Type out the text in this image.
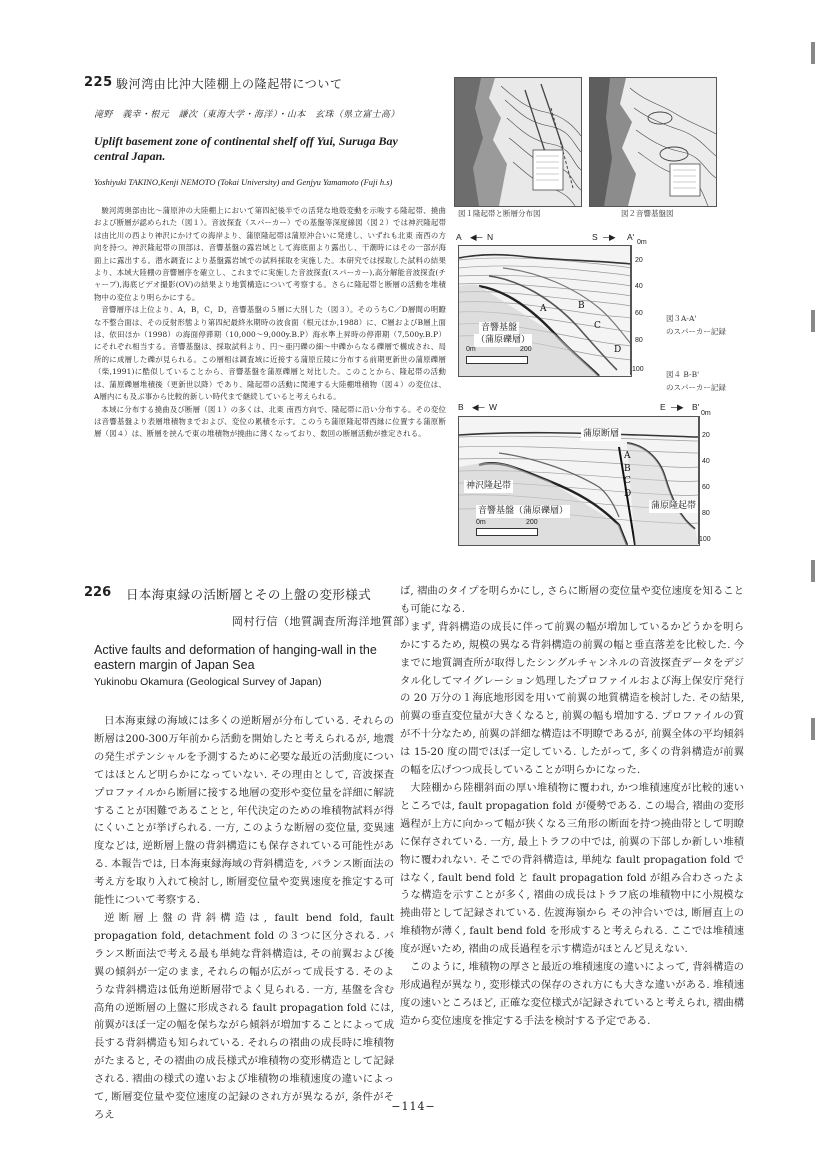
225 駿河湾由比沖大陸棚上の隆起帯について
滝野　義幸・根元　謙次（東海大学・海洋）・山本　玄珠（県立富士高）
Uplift basement zone of continental shelf off Yui, Suruga Bay central Japan.
Yoshiyuki TAKINO,Kenji NEMOTO (Tokai University) and Genjyu Yamamoto (Fuji h.s)

駿河湾奥部由比～蒲原沖の大陸棚上において第四紀後半での活発な地殻変動を示唆する隆起帯、撓曲および断層が認められた（図１）。音波探査（スパーカー）での基盤等深度線図（図２）では神沢隆起帯は由比川の西より神沢にかけての海岸より、蒲原隆起帯は蒲原沖合いに発達し、いずれも北東 南西の方向を持つ。神沢隆起帯の頂部は、音響基盤の露岩域として海底面より露出し、干潮時にはその一部が海面上に露出する。潜水調査により基盤露岩域での試料採取を実施した。本研究では採取した試料の結果より、本域大陸棚の音響層序を確立し、これまでに実施した音波探査(スパーカー),高分解能音波探査(チャープ),海底ビデオ撮影(OV)の結果より地質構造について考察する。さらに隆起帯と断層の活動を堆積物中の変位より明らかにする。

音響層序は上位より、A，B，C，D，音響基盤の５層に大別した（図３）。そのうちC／D層間の明瞭な不整合面は、その反射形態より第四紀最終氷期時の波食面（根元ほか,1988）に、C層およびB層上面は、依田ほか（1998）の海面停滞期（10,000～9,000y.B.P）海水準上昇時の停滞期（7,500y.B.P）にそれぞれ相当する。音響基盤は、採取試料より、円～亜円礫の細～中礫からなる礫層で構成され、局所的に成層した礫が見られる。この層相は調査域に近接する蒲原丘陵に分布する前期更新世の蒲原礫層（柴,1991)に酷似していることから、音響基盤を蒲原礫層と対比した。このことから、隆起帯の活動は、蒲原礫層堆積後（更新世以降）であり、隆起帯の活動に関連する大陸棚堆積物（図４）の変位は、A層内にも及ぶ事から比較的新しい時代まで継続していると考えられる。

本域に分布する撓曲及び断層（図１）の多くは、北東 南西方向で、隆起帯に沿い分布する。その変位は音響基盤より表層堆積物までおよび、変位の累積を示す。このうち蒲原隆起帯西縁に位置する蒲原断層（図４）は、断層を挟んで東の堆積物が撓曲に薄くなっており、数回の断層活動が推定される。

図１隆起帯と断層分布図	図２音響基盤図
A ◀─ N	S ─▶ A'
0m
音響基盤
（蒲原礫層）
A	B
C
D
0m	200
20
40
60
80
100
図３A-A'
のスパーカー記録
B ◀─ W	E ─▶ B'
0m
蒲原断層
神沢隆起帯
蒲原隆起帯
音響基盤（蒲原礫層）
A
B
C
D
0m	200
20
40
60
80
100
図４ B-B'
のスパーカー記録
226 日本海東縁の活断層とその上盤の変形様式
岡村行信（地質調査所海洋地質部）
Active faults and deformation of hanging-wall in the eastern margin of Japan Sea
Yukinobu Okamura (Geological Survey of Japan)

日本海東縁の海域には多くの逆断層が分布している. それらの断層は200-300万年前から活動を開始したと考えられるが, 地震の発生ポテンシャルを予測するために必要な最近の活動度についてはほとんど明らかになっていない. その理由として, 音波探査プロファイルから断層に接する地層の変形や変位量を詳細に解読することが困難であることと, 年代決定のための堆積物試料が得にくいことが挙げられる. 一方, このような断層の変位量, 変異速度などは, 逆断層上盤の背斜構造にも保存されている可能性がある. 本報告では, 日本海東縁海域の背斜構造を, バランス断面法の考え方を取り入れて検討し, 断層変位量や変異速度を推定する可能性について考察する.

逆断層上盤の背斜構造は, fault bend fold, fault propagation fold, detachment fold の３つに区分される. バランス断面法で考える最も単純な背斜構造は, その前翼および後翼の傾斜が一定のまま, それらの幅が広がって成長する. そのような背斜構造は低角逆断層帯でよく見られる. 一方, 基盤を含む高角の逆断層の上盤に形成される fault propagation fold には, 前翼がほぼ一定の幅を保ちながら傾斜が増加することによって成長する背斜構造も知られている. それらの褶曲の成長時に堆積物がたまると, その褶曲の成長様式が堆積物の変形構造として記録される. 褶曲の様式の違いおよび堆積物の堆積速度の違いによって, 断層変位量や変位速度の記録のされ方が異なるが, 条件がそろえ

ば, 褶曲のタイプを明らかにし, さらに断層の変位量や変位速度を知ることも可能になる.

まず, 背斜構造の成長に伴って前翼の幅が増加しているかどうかを明らかにするため, 規模の異なる背斜構造の前翼の幅と垂直落差を比較した. 今までに地質調査所が取得したシングルチャンネルの音波探査データをデジタル化してマイグレーション処理したプロファイルおよび海上保安庁発行の 20 万分の１海底地形図を用いて前翼の地質構造を検討した. その結果, 前翼の垂直変位量が大きくなると, 前翼の幅も増加する. プロファイルの質が不十分なため, 前翼の詳細な構造は不明瞭であるが, 前翼全体の平均傾斜は 15-20 度の間でほぼ一定している. したがって, 多くの背斜構造が前翼の幅を広げつつ成長していることが明らかになった.

大陸棚から陸棚斜面の厚い堆積物に覆われ, かつ堆積速度が比較的速いところでは, fault propagation fold が優勢である. この場合, 褶曲の変形過程が上方に向かって幅が狭くなる三角形の断面を持つ撓曲帯として明瞭に保存されている. 一方, 最上トラフの中では, 前翼の下部しか新しい堆積物に覆われない. そこでの背斜構造は, 単純な fault propagation fold ではなく, fault bend fold と fault propagation fold が組み合わさったような構造を示すことが多く, 褶曲の成長はトラフ底の堆積物中に小規模な撓曲帯として記録されている. 佐渡海嶺から その沖合いでは, 断層直上の堆積物が薄く, fault bend fold を形成すると考えられる. ここでは堆積速度が遅いため, 褶曲の成長過程を示す構造がほとんど見えない.

このように, 堆積物の厚さと最近の堆積速度の違いによって, 背斜構造の形成過程が異なり, 変形様式の保存のされ方にも大きな違いがある. 堆積速度の速いところほど, 正確な変位様式が記録されていると考えられ, 褶曲構造から変位速度を推定する手法を検討する予定である.

−114−
